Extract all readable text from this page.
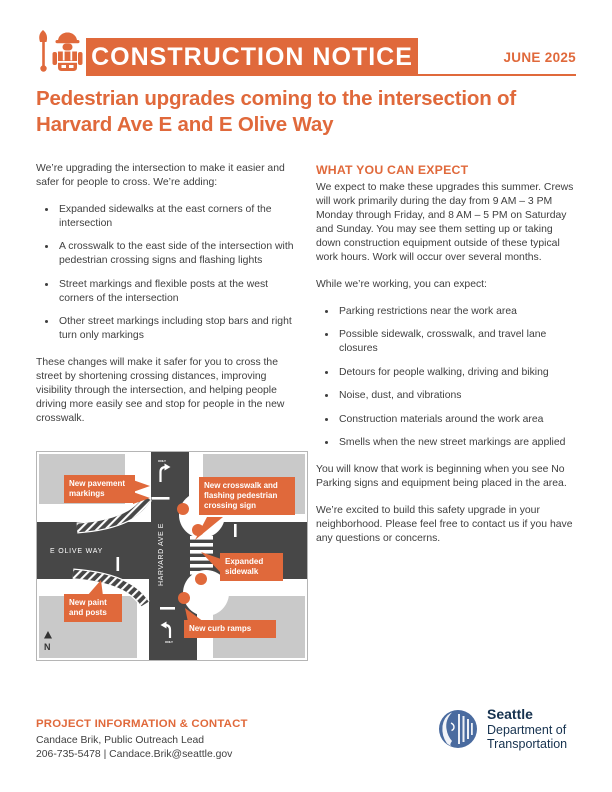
CONSTRUCTION NOTICE	JUNE 2025
Pedestrian upgrades coming to the intersection of Harvard Ave E and E Olive Way

We’re upgrading the intersection to make it easier and safer for people to cross. We’re adding:

• Expanded sidewalks at the east corners of the intersection
• A crosswalk to the east side of the intersection with pedestrian crossing signs and flashing lights
• Street markings and flexible posts at the west corners of the intersection
• Other street markings including stop bars and right turn only markings

These changes will make it safer for you to cross the street by shortening crossing distances, improving visibility through the intersection, and helping people driving more easily see and stop for people in the new crosswalk.

ONLY
ONLY
E OLIVE WAY	HARVARD AVE E
N
New pavement markings
New crosswalk and flashing pedestrian crossing sign
Expanded sidewalk
New paint and posts
New curb ramps
WHAT YOU CAN EXPECT

We expect to make these upgrades this summer. Crews will work primarily during the day from 9 AM – 3 PM Monday through Friday, and 8 AM – 5 PM on Saturday and Sunday. You may see them setting up or taking down construction equipment outside of these typical work hours. Work will occur over several months.

While we’re working, you can expect:

• Parking restrictions near the work area
• Possible sidewalk, crosswalk, and travel lane closures
• Detours for people walking, driving and biking
• Noise, dust, and vibrations
• Construction materials around the work area
• Smells when the new street markings are applied

You will know that work is beginning when you see No Parking signs and equipment being placed in the area.

We’re excited to build this safety upgrade in your neighborhood. Please feel free to contact us if you have any questions or concerns.

PROJECT INFORMATION & CONTACT
Candace Brik, Public Outreach Lead
206-735-5478 | Candace.Brik@seattle.gov
Seattle
Department of
Transportation
